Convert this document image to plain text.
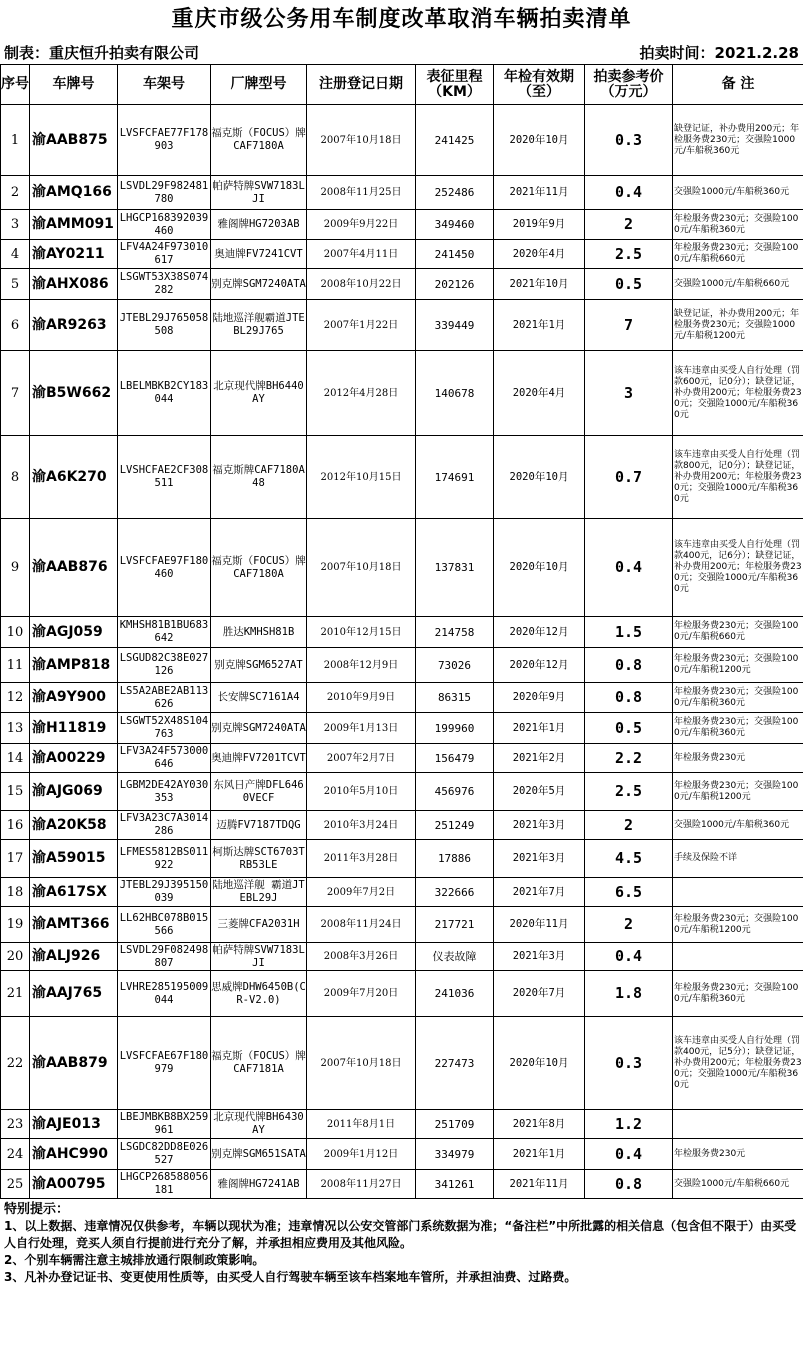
重庆市级公务用车制度改革取消车辆拍卖清单
制表：重庆恒升拍卖有限公司	拍卖时间：2021.2.28
序号	车牌号	车架号	厂牌型号	注册登记日期	表征里程（KM）	年检有效期（至）	拍卖参考价（万元）	备 注
1	渝AAB875	LVSFCFAE77F178903	福克斯（FOCUS）牌CAF7180A	2007年10月18日	241425	2020年10月	0.3	缺登记证，补办费用200元；年检服务费230元；交强险1000元/车船税360元
2	渝AMQ166	LSVDL29F982481780	帕萨特牌SVW7183LJI	2008年11月25日	252486	2021年11月	0.4	交强险1000元/车船税360元
3	渝AMM091	LHGCP168392039460	雅阁牌HG7203AB	2009年9月22日	349460	2019年9月	2	年检服务费230元；交强险1000元/车船税360元
4	渝AY0211	LFV4A24F973010617	奥迪牌FV7241CVT	2007年4月11日	241450	2020年4月	2.5	年检服务费230元；交强险1000元/车船税660元
5	渝AHX086	LSGWT53X38S074282	别克牌SGM7240ATA	2008年10月22日	202126	2021年10月	0.5	交强险1000元/车船税660元
6	渝AR9263	JTEBL29J765058508	陆地巡洋舰霸道JTEBL29J765	2007年1月22日	339449	2021年1月	7	缺登记证，补办费用200元；年检服务费230元；交强险1000元/车船税1200元
7	渝B5W662	LBELMBKB2CY183044	北京现代牌BH6440AY	2012年4月28日	140678	2020年4月	3	该车违章由买受人自行处理（罚款600元，记0分）；缺登记证，补办费用200元；年检服务费230元；交强险1000元/车船税360元
8	渝A6K270	LVSHCFAE2CF308511	福克斯牌CAF7180A48	2012年10月15日	174691	2020年10月	0.7	该车违章由买受人自行处理（罚款800元，记0分）；缺登记证，补办费用200元；年检服务费230元；交强险1000元/车船税360元
9	渝AAB876	LVSFCFAE97F180460	福克斯（FOCUS）牌CAF7180A	2007年10月18日	137831	2020年10月	0.4	该车违章由买受人自行处理（罚款400元，记6分）；缺登记证，补办费用200元；年检服务费230元；交强险1000元/车船税360元
10	渝AGJ059	KMHSH81B1BU683642	胜达KMHSH81B	2010年12月15日	214758	2020年12月	1.5	年检服务费230元；交强险1000元/车船税660元
11	渝AMP818	LSGUD82C38E027126	别克牌SGM6527AT	2008年12月9日	73026	2020年12月	0.8	年检服务费230元；交强险1000元/车船税1200元
12	渝A9Y900	LS5A2ABE2AB113626	长安牌SC7161A4	2010年9月9日	86315	2020年9月	0.8	年检服务费230元；交强险1000元/车船税360元
13	渝H11819	LSGWT52X48S104763	别克牌SGM7240ATA	2009年1月13日	199960	2021年1月	0.5	年检服务费230元；交强险1000元/车船税360元
14	渝A00229	LFV3A24F573000646	奥迪牌FV7201TCVT	2007年2月7日	156479	2021年2月	2.2	年检服务费230元
15	渝AJG069	LGBM2DE42AY030353	东风日产牌DFL6460VECF	2010年5月10日	456976	2020年5月	2.5	年检服务费230元；交强险1000元/车船税1200元
16	渝A20K58	LFV3A23C7A3014286	迈腾FV7187TDQG	2010年3月24日	251249	2021年3月	2	交强险1000元/车船税360元
17	渝A59015	LFMES5812BS011922	柯斯达牌SCT6703TRB53LE	2011年3月28日	17886	2021年3月	4.5	手续及保险不详
18	渝A617SX	JTEBL29J395150039	陆地巡洋舰 霸道JTEBL29J	2009年7月2日	322666	2021年7月	6.5	
19	渝AMT366	LL62HBC078B015566	三菱牌CFA2031H	2008年11月24日	217721	2020年11月	2	年检服务费230元；交强险1000元/车船税1200元
20	渝ALJ926	LSVDL29F082498807	帕萨特牌SVW7183LJI	2008年3月26日	仪表故障	2021年3月	0.4	
21	渝AAJ765	LVHRE285195009044	思威牌DHW6450B(CR-V2.0)	2009年7月20日	241036	2020年7月	1.8	年检服务费230元；交强险1000元/车船税360元
22	渝AAB879	LVSFCFAE67F180979	福克斯（FOCUS）牌CAF7181A	2007年10月18日	227473	2020年10月	0.3	该车违章由买受人自行处理（罚款400元，记5分）；缺登记证，补办费用200元；年检服务费230元；交强险1000元/车船税360元
23	渝AJE013	LBEJMBKB8BX259961	北京现代牌BH6430AY	2011年8月1日	251709	2021年8月	1.2	
24	渝AHC990	LSGDC82DD8E026527	别克牌SGM651SATA	2009年1月12日	334979	2021年1月	0.4	年检服务费230元
25	渝A00795	LHGCP268588056181	雅阁牌HG7241AB	2008年11月27日	341261	2021年11月	0.8	交强险1000元/车船税660元
特别提示：
1、以上数据、违章情况仅供参考，车辆以现状为准；违章情况以公安交管部门系统数据为准；“备注栏”中所批露的相关信息（包含但不限于）由买受人自行处理，竞买人须自行提前进行充分了解，并承担相应费用及其他风险。
2、个别车辆需注意主城排放通行限制政策影响。
3、凡补办登记证书、变更使用性质等，由买受人自行驾驶车辆至该车档案地车管所，并承担油费、过路费。
